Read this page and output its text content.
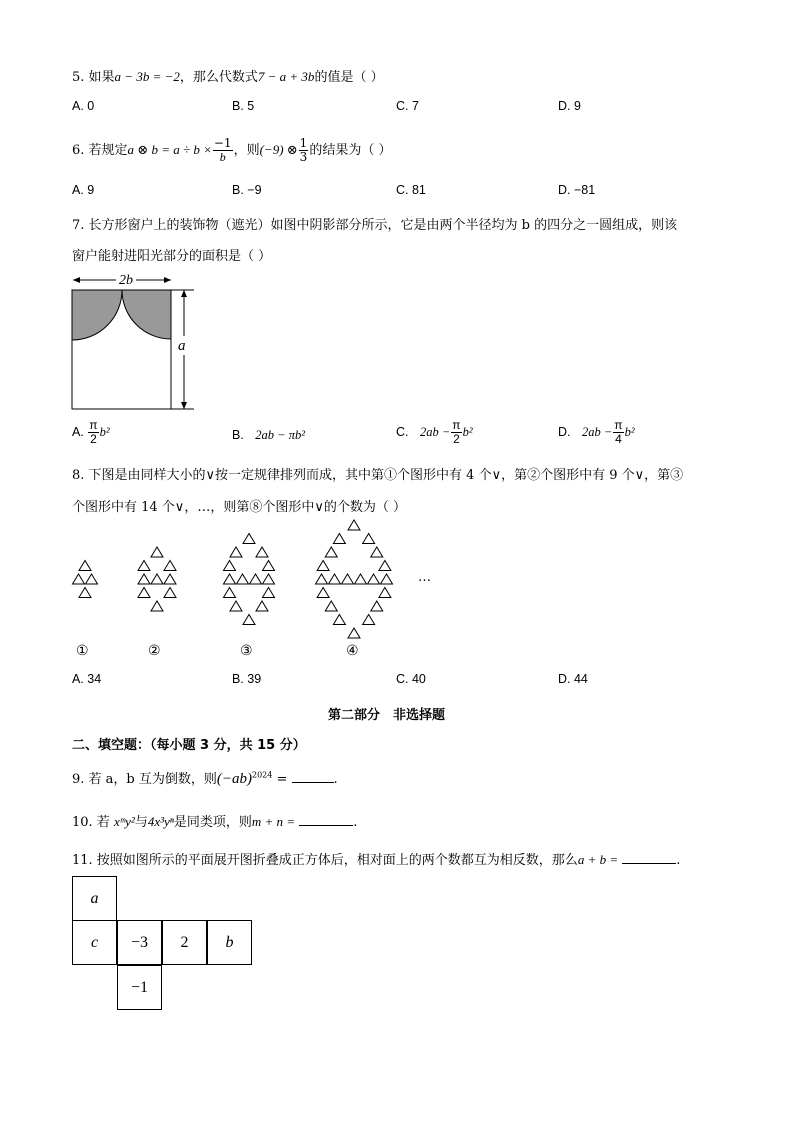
5. 如果a − 3b = −2，那么代数式7 − a + 3b的值是（ ）
A. 0	B. 5	C. 7	D. 9
6. 若规定a ⊗ $b = a \div b \times \frac{-1}{b}$ ，则(−9) ⊗ $\frac{1}{3}$ 的结果为（ ）
A. 9	B. −9	C. 81	D. −81
7. 长方形窗户上的装饰物（遮光）如图中阴影部分所示，它是由两个半径均为 b 的四分之一圆组成，则该
窗户能射进阳光部分的面积是（ ）
2b
a
A. $\frac{\pi}{2} b^2$	B. 2ab − πb²	C. $2ab - \frac{\pi}{2} b^2$	D. $2ab - \frac{\pi}{4} b^2$
8. 下图是由同样大小的∨按一定规律排列而成，其中第①个图形中有 4 个∨，第②个图形中有 9 个∨，第③
个图形中有 14 个∨，…，则第⑧个图形中∨的个数为（ ）
…
①	②	③	④
A. 34	B. 39	C. 40	D. 44
第二部分　非选择题
二、填空题：（每小题 3 分，共 15 分）
9. 若 a，b 互为倒数，则$(-ab)^{2024}$ =	.
10. 若 xᵐy²与4x³yⁿ是同类项，则m + n =	.
11. 按照如图所示的平面展开图折叠成正方体后，相对面上的两个数都互为相反数，那么a + b =	.
a
c −3 2 b
−1
